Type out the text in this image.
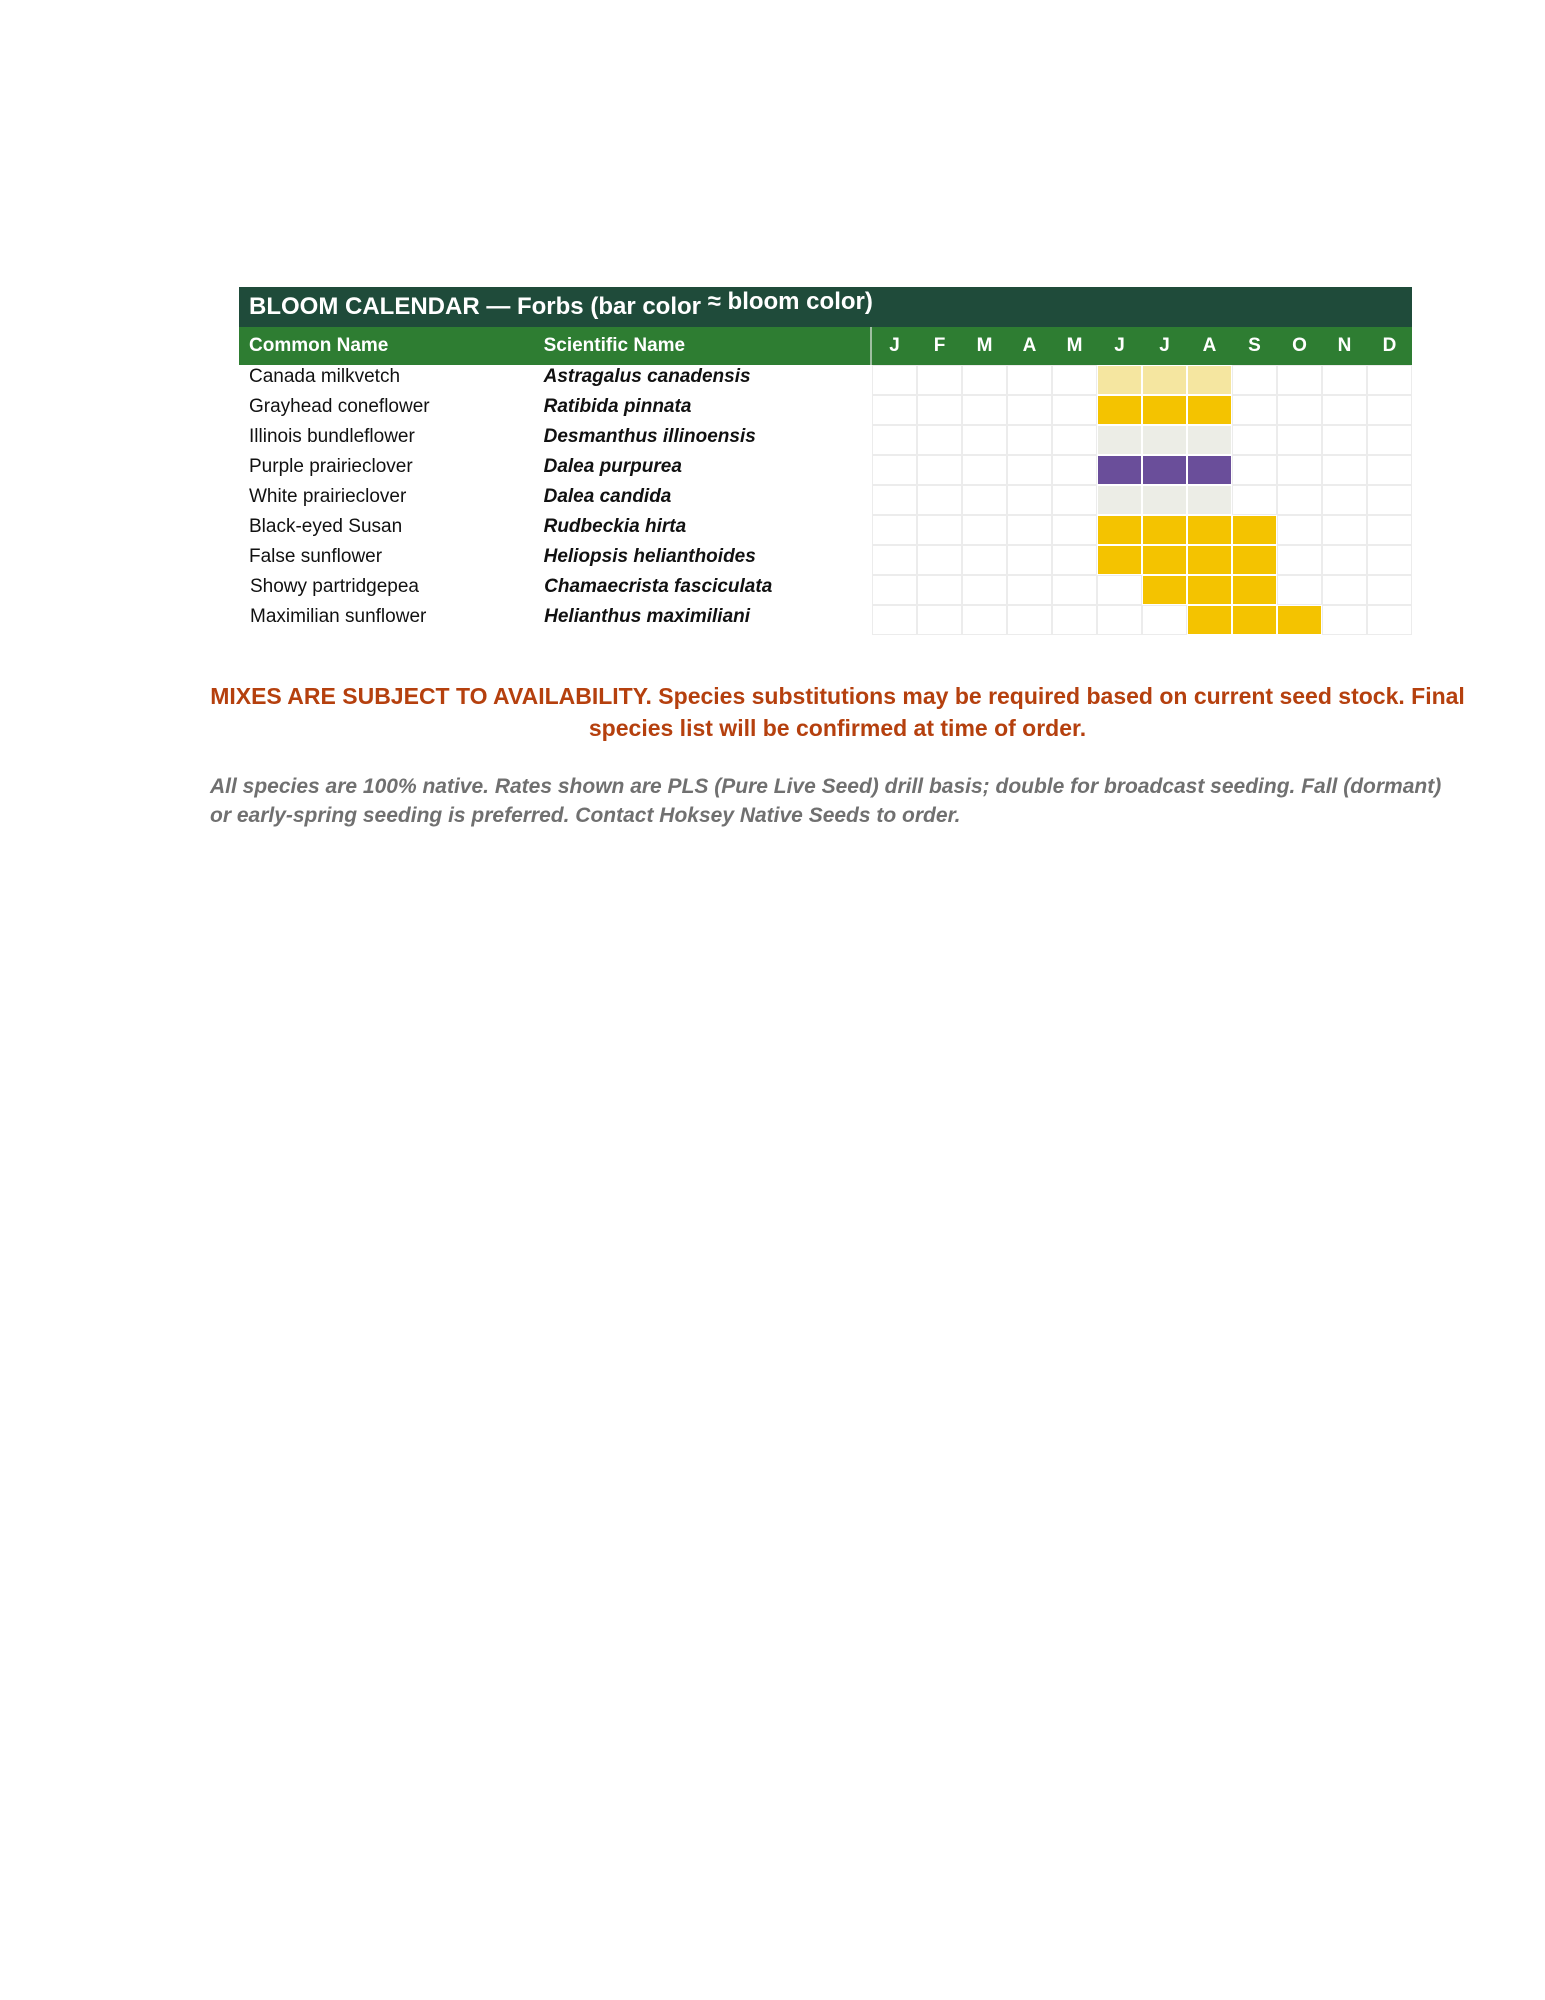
BLOOM CALENDAR — Forbs (bar color ≈ bloom color)
Common Name	Scientific Name	J	F	M	A	M	J	J	A	S	O	N	D
Canada milkvetch	Astragalus canadensis
Grayhead coneflower	Ratibida pinnata
Illinois bundleflower	Desmanthus illinoensis
Purple prairieclover	Dalea purpurea
White prairieclover	Dalea candida
Black-eyed Susan	Rudbeckia hirta
False sunflower	Heliopsis helianthoides
Showy partridgepea	Chamaecrista fasciculata
Maximilian sunflower	Helianthus maximiliani
MIXES ARE SUBJECT TO AVAILABILITY. Species substitutions may be required based on current seed stock. Final species list will be confirmed at time of order.
All species are 100% native. Rates shown are PLS (Pure Live Seed) drill basis; double for broadcast seeding. Fall (dormant) or early-spring seeding is preferred. Contact Hoksey Native Seeds to order.
